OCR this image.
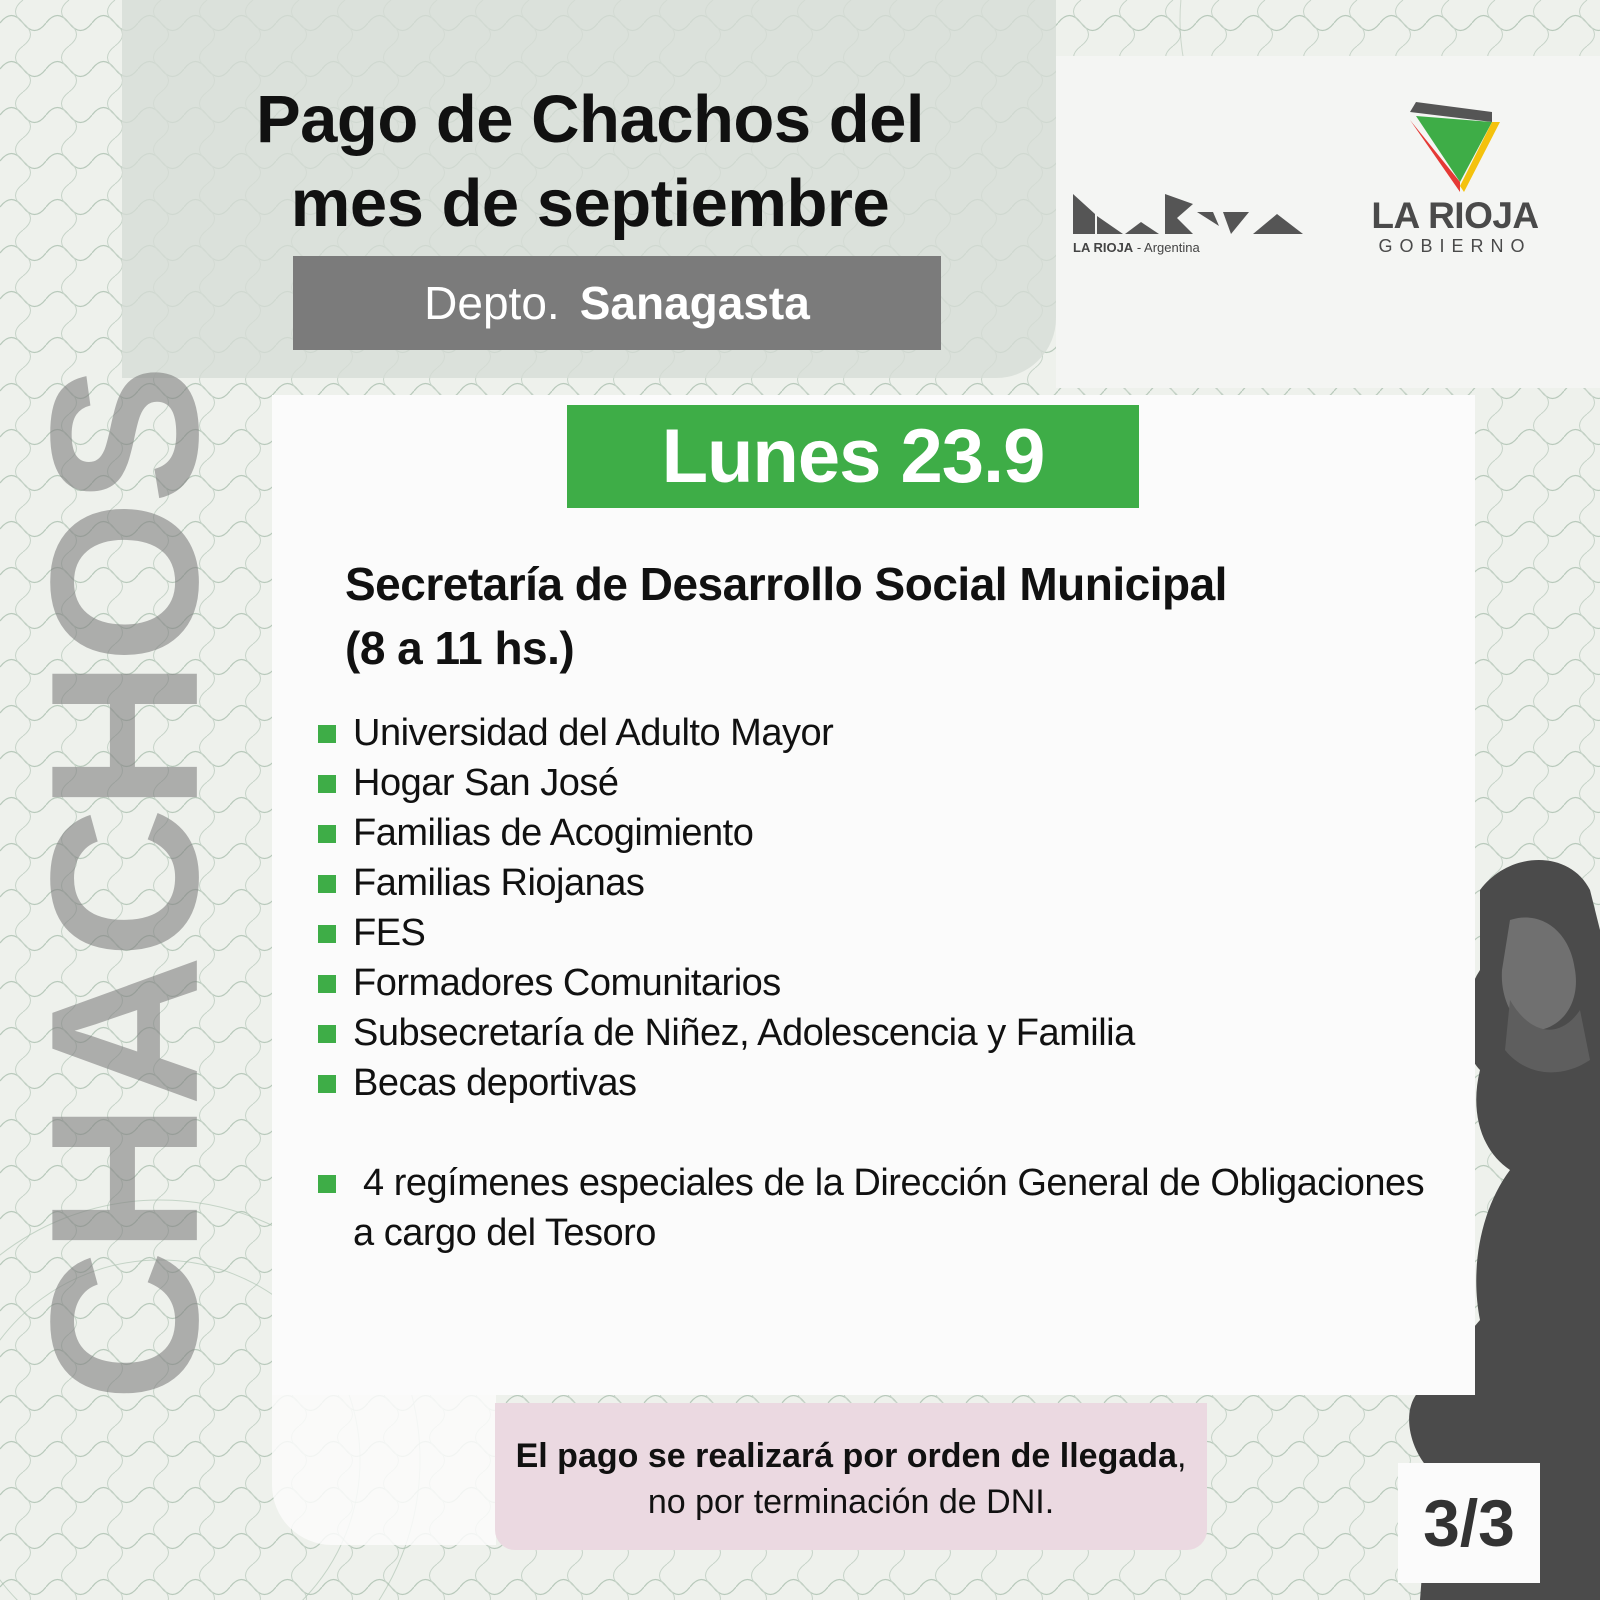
CHACHOS
Pago de Chachos del
mes de septiembre
Depto. Sanagasta
LA RIOJA - Argentina
LA RIOJA
GOBIERNO
Lunes 23.9
Secretaría de Desarrollo Social Municipal
(8 a 11 hs.)
Universidad del Adulto Mayor
Hogar San José
Familias de Acogimiento
Familias Riojanas
FES
Formadores Comunitarios
Subsecretaría de Niñez, Adolescencia y Familia
Becas deportivas
4 regímenes especiales de la Dirección General de Obligaciones
a cargo del Tesoro
El pago se realizará por orden de llegada,
no por terminación de DNI.	3/3
